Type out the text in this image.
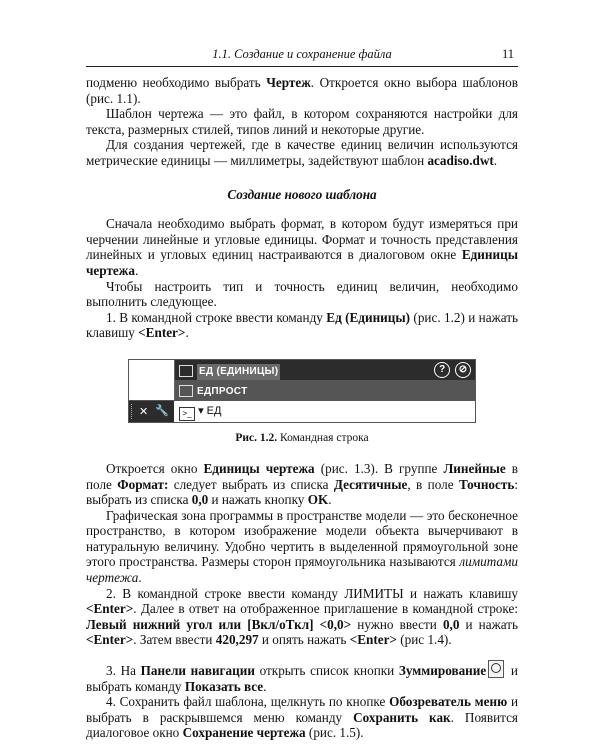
1.1. Создание и сохранение файла	11

подменю необходимо выбрать Чертеж. Откроется окно выбора шаблонов (рис. 1.1).

Шаблон чертежа — это файл, в котором сохраняются настройки для текста, размерных стилей, типов линий и некоторые другие.

Для создания чертежей, где в качестве единиц величин используются метрические единицы — миллиметры, задействуют шаблон acadiso.dwt.

Создание нового шаблона

Сначала необходимо выбрать формат, в котором будут измеряться при черчении линейные и угловые единицы. Формат и точность представления линейных и угловых единиц настраиваются в диалоговом окне Единицы чертежа.

Чтобы настроить тип и точность единиц величин, необходимо выполнить следующее.

1. В командной строке ввести команду Ед (Единицы) (рис. 1.2) и нажать клавишу <Enter>.

ЕД (ЕДИНИЦЫ)	? ⊘
ЕДПРОСТ
✕ 🔧	>_ ▾ ЕД
Рис. 1.2. Командная строка

Откроется окно Единицы чертежа (рис. 1.3). В группе Линейные в поле Формат: следует выбрать из списка Десятичные, в поле Точность: выбрать из списка 0,0 и нажать кнопку OK.

Графическая зона программы в пространстве модели — это бесконечное пространство, в котором изображение модели объекта вычерчивают в натуральную величину. Удобно чертить в выделенной прямоугольной зоне этого пространства. Размеры сторон прямоугольника называются лимитами чертежа.

2. В командной строке ввести команду ЛИМИТЫ и нажать клавишу <Enter>. Далее в ответ на отображенное приглашение в командной строке: Левый нижний угол или [Вкл/оТкл] <0,0> нужно ввести 0,0 и нажать <Enter>. Затем ввести 420,297 и опять нажать <Enter> (рис 1.4).

3. На Панели навигации открыть список кнопки Зуммирование и выбрать команду Показать все.

4. Сохранить файл шаблона, щелкнуть по кнопке Обозреватель меню и выбрать в раскрывшемся меню команду Сохранить как. Появится диалоговое окно Сохранение чертежа (рис. 1.5).
